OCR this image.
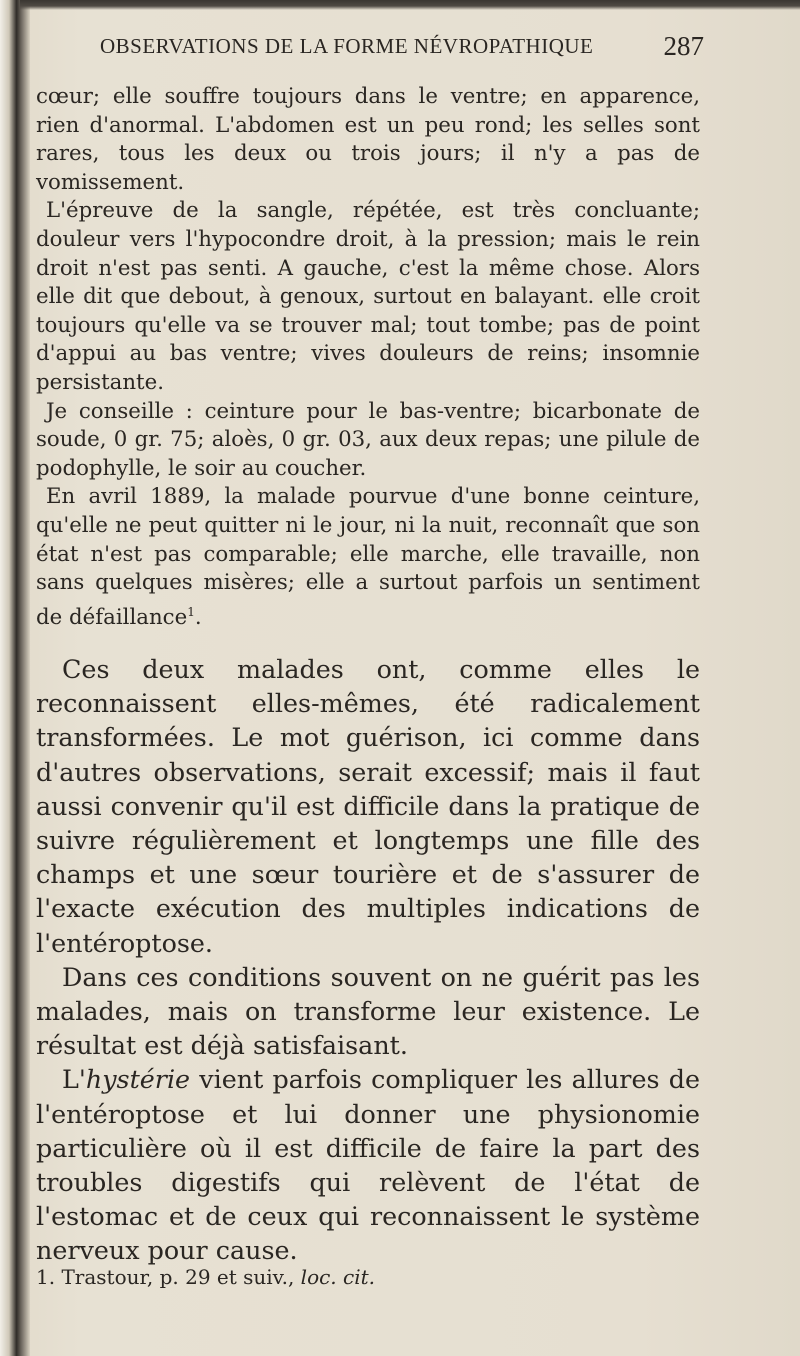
OBSERVATIONS DE LA FORME NÉVROPATHIQUE	287

cœur; elle souffre toujours dans le ventre; en apparence, rien d'anormal. L'abdomen est un peu rond; les selles sont rares, tous les deux ou trois jours; il n'y a pas de vomissement.

L'épreuve de la sangle, répétée, est très concluante; douleur vers l'hypocondre droit, à la pression; mais le rein droit n'est pas senti. A gauche, c'est la même chose. Alors elle dit que debout, à genoux, surtout en balayant. elle croit toujours qu'elle va se trouver mal; tout tombe; pas de point d'appui au bas ventre; vives douleurs de reins; insomnie persistante.

Je conseille : ceinture pour le bas-ventre; bicarbonate de soude, 0 gr. 75; aloès, 0 gr. 03, aux deux repas; une pilule de podophylle, le soir au coucher.

En avril 1889, la malade pourvue d'une bonne ceinture, qu'elle ne peut quitter ni le jour, ni la nuit, reconnaît que son état n'est pas comparable; elle marche, elle travaille, non sans quelques misères; elle a surtout parfois un sentiment de défaillance$^1$.

Ces deux malades ont, comme elles le reconnaissent elles-mêmes, été radicalement transformées. Le mot guérison, ici comme dans d'autres observations, serait excessif; mais il faut aussi convenir qu'il est difficile dans la pratique de suivre régulièrement et longtemps une fille des champs et une sœur tourière et de s'assurer de l'exacte exécution des multiples indications de l'entéroptose.

Dans ces conditions souvent on ne guérit pas les malades, mais on transforme leur existence. Le résultat est déjà satisfaisant.

L'hystérie vient parfois compliquer les allures de l'entéroptose et lui donner une physionomie particulière où il est difficile de faire la part des troubles digestifs qui relèvent de l'état de l'estomac et de ceux qui reconnaissent le système nerveux pour cause.

1. Trastour, p. 29 et suiv., loc. cit.
